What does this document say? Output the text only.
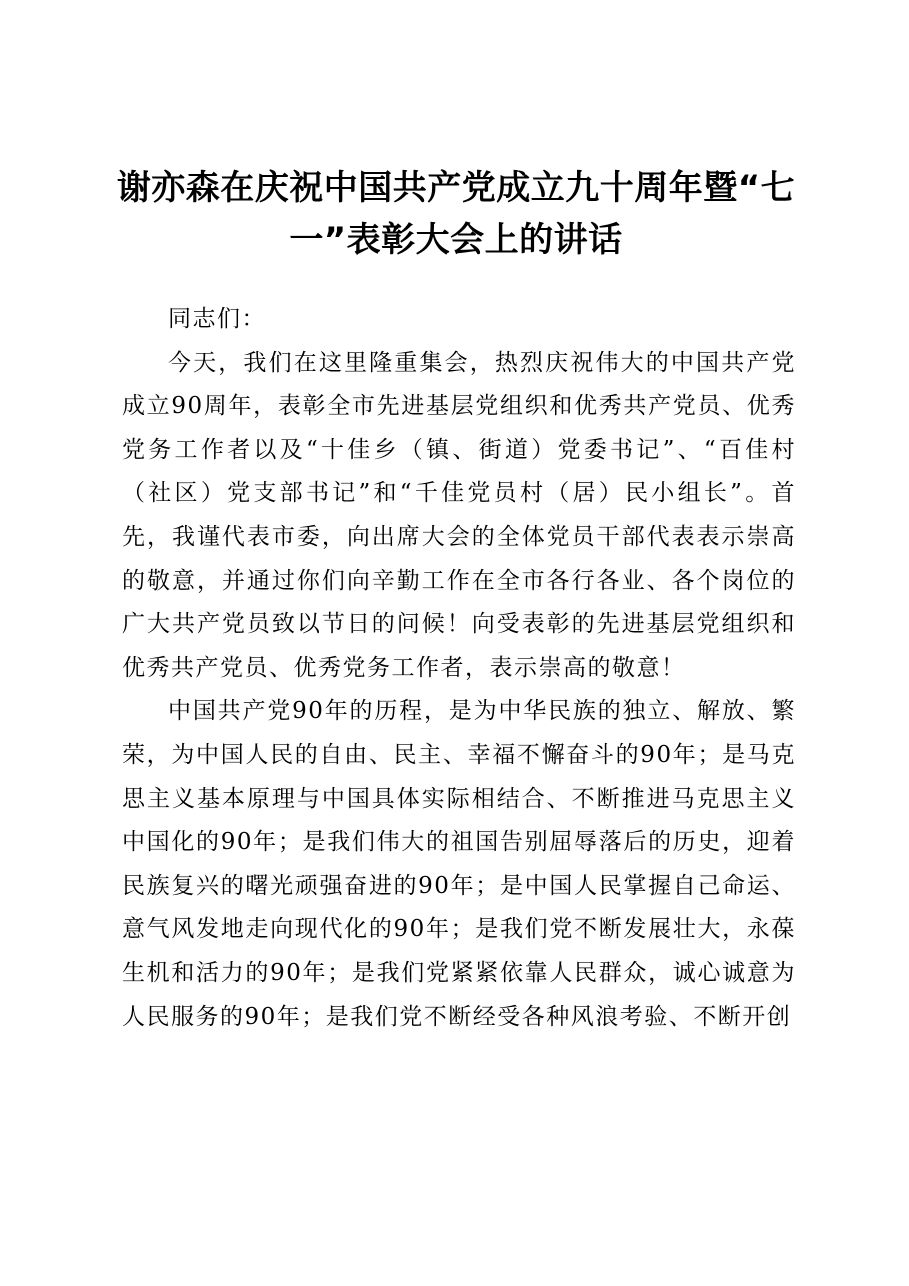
谢亦森在庆祝中国共产党成立九十周年暨“七一”表彰大会上的讲话

同志们：

今天，我们在这里隆重集会，热烈庆祝伟大的中国共产党成立90周年，表彰全市先进基层党组织和优秀共产党员、优秀党务工作者以及“十佳乡（镇、街道）党委书记”、“百佳村（社区）党支部书记”和“千佳党员村（居）民小组长”。首先，我谨代表市委，向出席大会的全体党员干部代表表示崇高的敬意，并通过你们向辛勤工作在全市各行各业、各个岗位的广大共产党员致以节日的问候！向受表彰的先进基层党组织和优秀共产党员、优秀党务工作者，表示崇高的敬意！

中国共产党90年的历程，是为中华民族的独立、解放、繁荣，为中国人民的自由、民主、幸福不懈奋斗的90年；是马克思主义基本原理与中国具体实际相结合、不断推进马克思主义中国化的90年；是我们伟大的祖国告别屈辱落后的历史，迎着民族复兴的曙光顽强奋进的90年；是中国人民掌握自己命运、意气风发地走向现代化的90年；是我们党不断发展壮大，永葆生机和活力的90年；是我们党紧紧依靠人民群众，诚心诚意为人民服务的90年；是我们党不断经受各种风浪考验、不断开创
